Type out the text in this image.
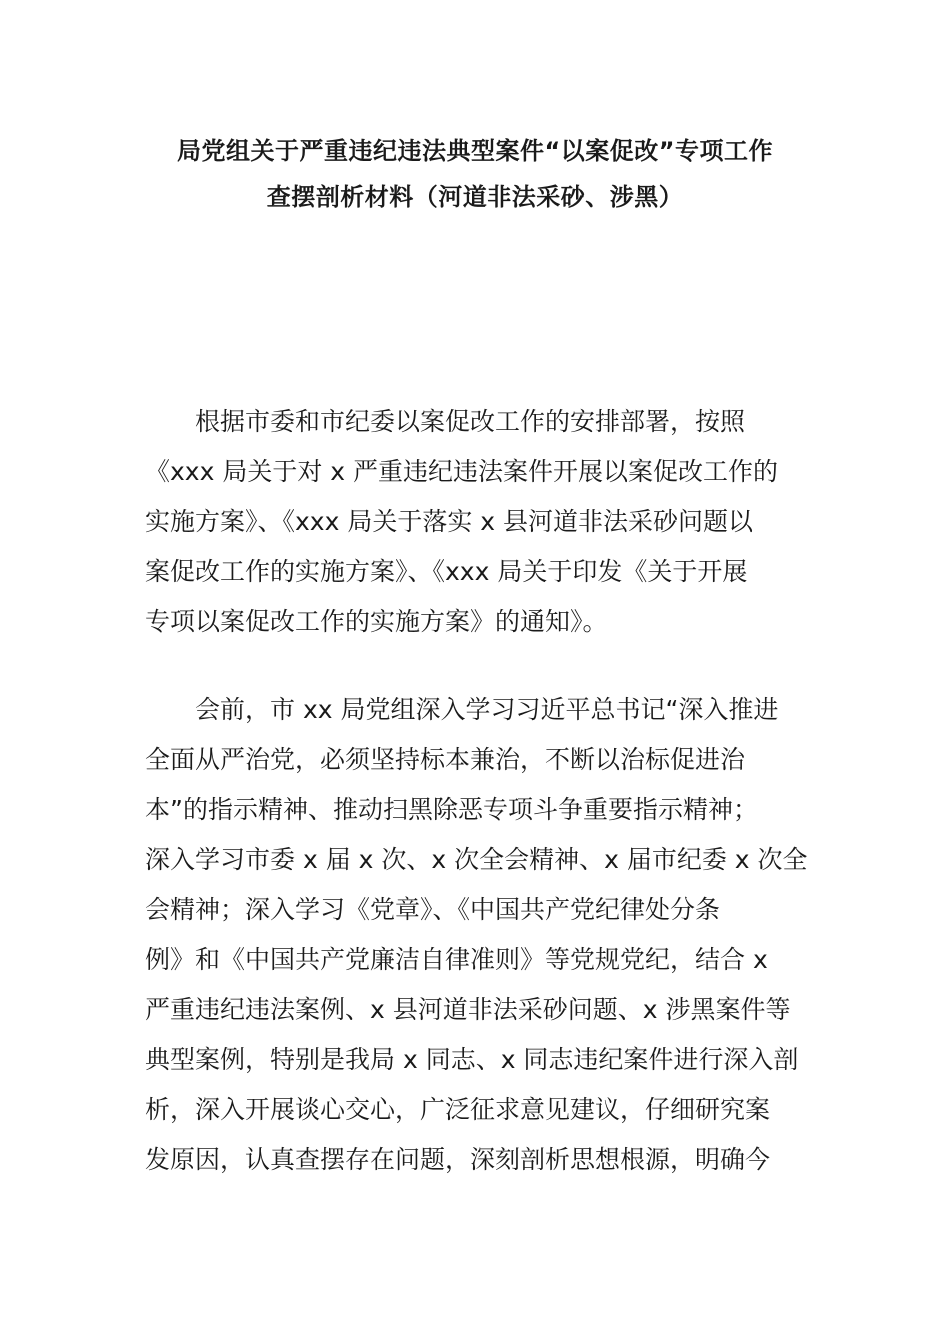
局党组关于严重违纪违法典型案件“以案促改”专项工作
查摆剖析材料（河道非法采砂、涉黑）
根据市委和市纪委以案促改工作的安排部署，按照
《xxx 局关于对 x 严重违纪违法案件开展以案促改工作的
实施方案》、《xxx 局关于落实 x 县河道非法采砂问题以
案促改工作的实施方案》、《xxx 局关于印发《关于开展
专项以案促改工作的实施方案》的通知》。
会前，市 xx 局党组深入学习习近平总书记“深入推进
全面从严治党，必须坚持标本兼治，不断以治标促进治
本”的指示精神、推动扫黑除恶专项斗争重要指示精神；
深入学习市委 x 届 x 次、x 次全会精神、x 届市纪委 x 次全
会精神；深入学习《党章》、《中国共产党纪律处分条
例》和《中国共产党廉洁自律准则》等党规党纪，结合 x
严重违纪违法案例、x 县河道非法采砂问题、x 涉黑案件等
典型案例，特别是我局 x 同志、x 同志违纪案件进行深入剖
析，深入开展谈心交心，广泛征求意见建议，仔细研究案
发原因，认真查摆存在问题，深刻剖析思想根源，明确今
